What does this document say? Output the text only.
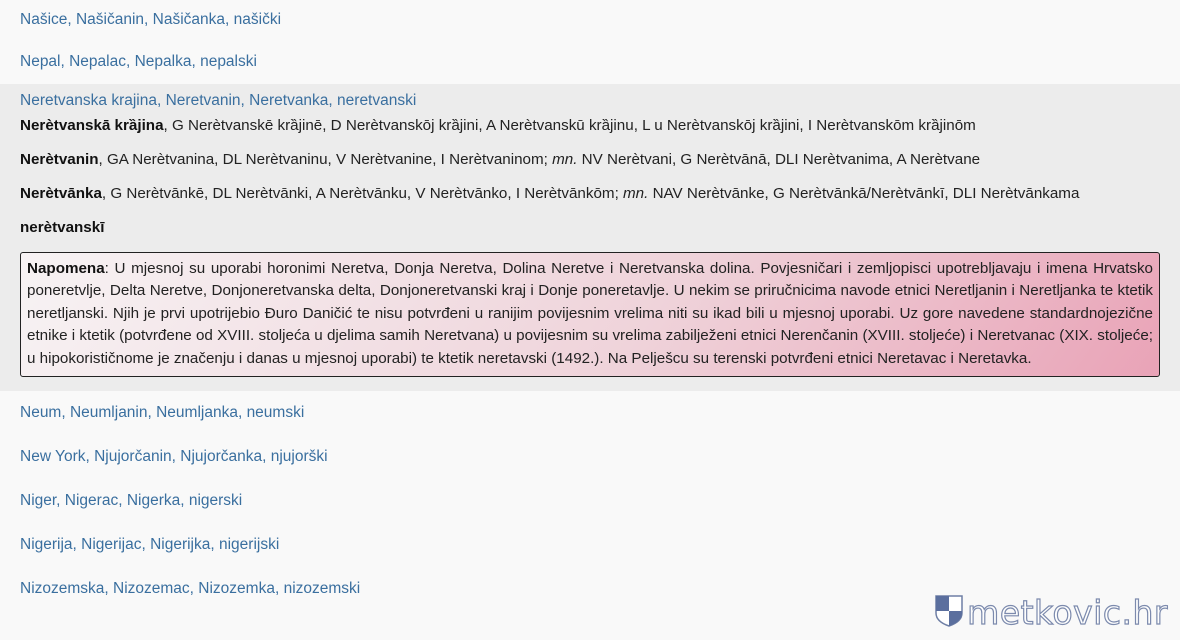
Našice, Našičanin, Našičanka, našički
Nepal, Nepalac, Nepalka, nepalski
Neretvanska krajina, Neretvanin, Neretvanka, neretvanski

Nerètvanskā krȁjina, G Nerètvanskē krȁjinē, D Nerètvanskōj krȁjini, A Nerètvanskū krȁjinu, L u Nerètvanskōj krȁjini, I Nerètvanskōm krȁjinōm

Nerètvanin, GA Nerètvanina, DL Nerètvaninu, V Nerètvanine, I Nerètvaninom; mn. NV Nerètvani, G Nerètvānā, DLI Nerètvanima, A Nerètvane

Nerètvānka, G Nerètvānkē, DL Nerètvānki, A Nerètvānku, V Nerètvānko, I Nerètvānkōm; mn. NAV Nerètvānke, G Nerètvānkā/Nerètvānkī, DLI Nerètvānkama

nerètvanskī

Napomena: U mjesnoj su uporabi horonimi Neretva, Donja Neretva, Dolina Neretve i Neretvanska dolina. Povjesničari i zemljopisci upotrebljavaju i imena Hrvatsko poneretvlje, Delta Neretve, Donjoneretvanska delta, Donjoneretvanski kraj i Donje poneretavlje. U nekim se priručnicima navode etnici Neretljanin i Neretljanka te ktetik neretljanski. Njih je prvi upotrijebio Đuro Daničić te nisu potvrđeni u ranijim povijesnim vrelima niti su ikad bili u mjesnoj uporabi. Uz gore navedene standardnojezične etnike i ktetik (potvrđene od XVIII. stoljeća u djelima samih Neretvana) u povijesnim su vrelima zabilježeni etnici Nerenčanin (XVIII. stoljeće) i Neretvanac (XIX. stoljeće; u hipokorističnome je značenju i danas u mjesnoj uporabi) te ktetik neretavski (1492.). Na Pelješcu su terenski potvrđeni etnici Neretavac i Neretavka.
Neum, Neumljanin, Neumljanka, neumski
New York, Njujorčanin, Njujorčanka, njujorški
Niger, Nigerac, Nigerka, nigerski
Nigerija, Nigerijac, Nigerijka, nigerijski
Nizozemska, Nizozemac, Nizozemka, nizozemski
metkovic.hr
